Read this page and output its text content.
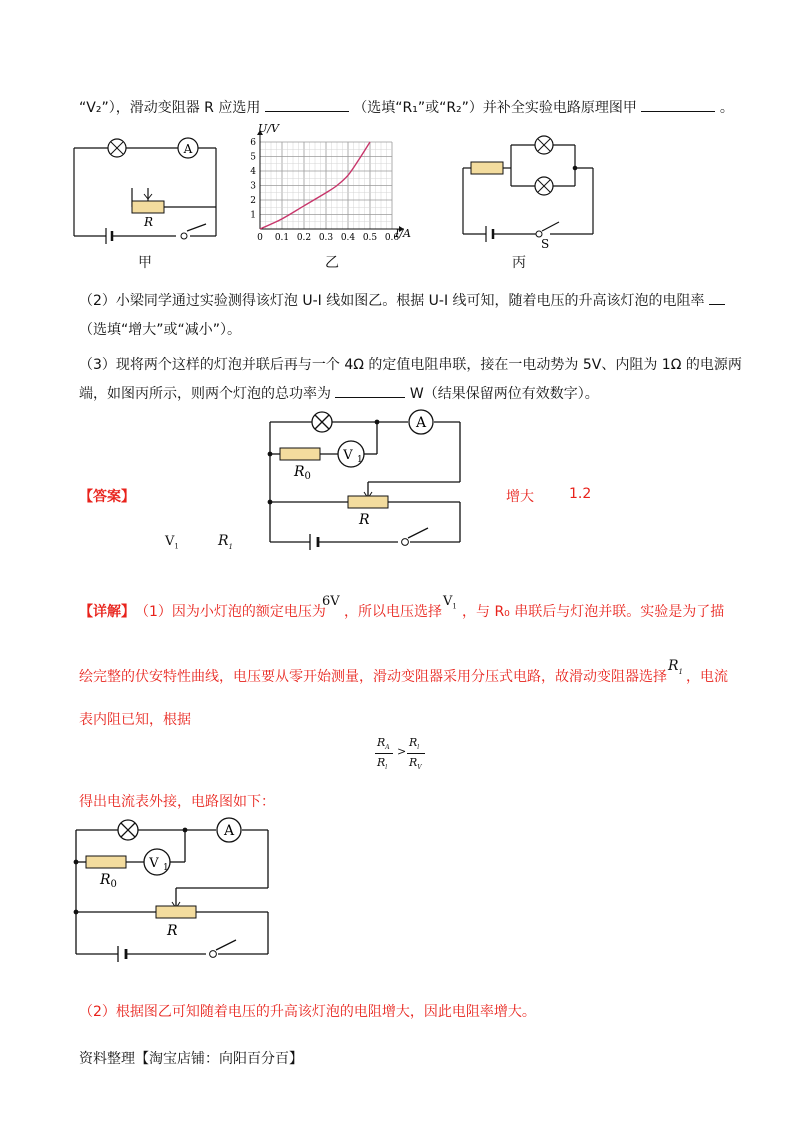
“V₂”），滑动变阻器 R 应选用	（选填“R₁”或“R₂”）并补全实验电路原理图甲	。
A
R
甲
0 0.1 0.2 0.3 0.4 0.5 0.6
1
2
3
4
5
6
U/V
I/A
乙
S
丙
（2）小梁同学通过实验测得该灯泡 U-I 线如图乙。根据 U-I 线可知，随着电压的升高该灯泡的电阻率
（选填“增大”或“减小”）。
（3）现将两个这样的灯泡并联后再与一个 4Ω 的定值电阻串联，接在一电动势为 5V、内阻为 1Ω 的电源两
端，如图丙所示，则两个灯泡的总功率为	W（结果保留两位有效数字）。
【答案】	增大	1.2
$V_1$	$R_1$
A
$R_0$
V 1
R
【详解】 （1）因为小灯泡的额定电压为
6V
，所以电压选择
$V_1$ ，与 R₀ 串联后与灯泡并联。实验是为了描
绘完整的伏安特性曲线，电压要从零开始测量，滑动变阻器采用分压式电路，故滑动变阻器选择
$R_1$ ，电流
表内阻已知，根据
$R_A$
$R_l$
>
$R_l$
$R_V$
得出电流表外接，电路图如下：
A
$R_0$
V 1
R
（2）根据图乙可知随着电压的升高该灯泡的电阻增大，因此电阻率增大。
资料整理【淘宝店铺：向阳百分百】
